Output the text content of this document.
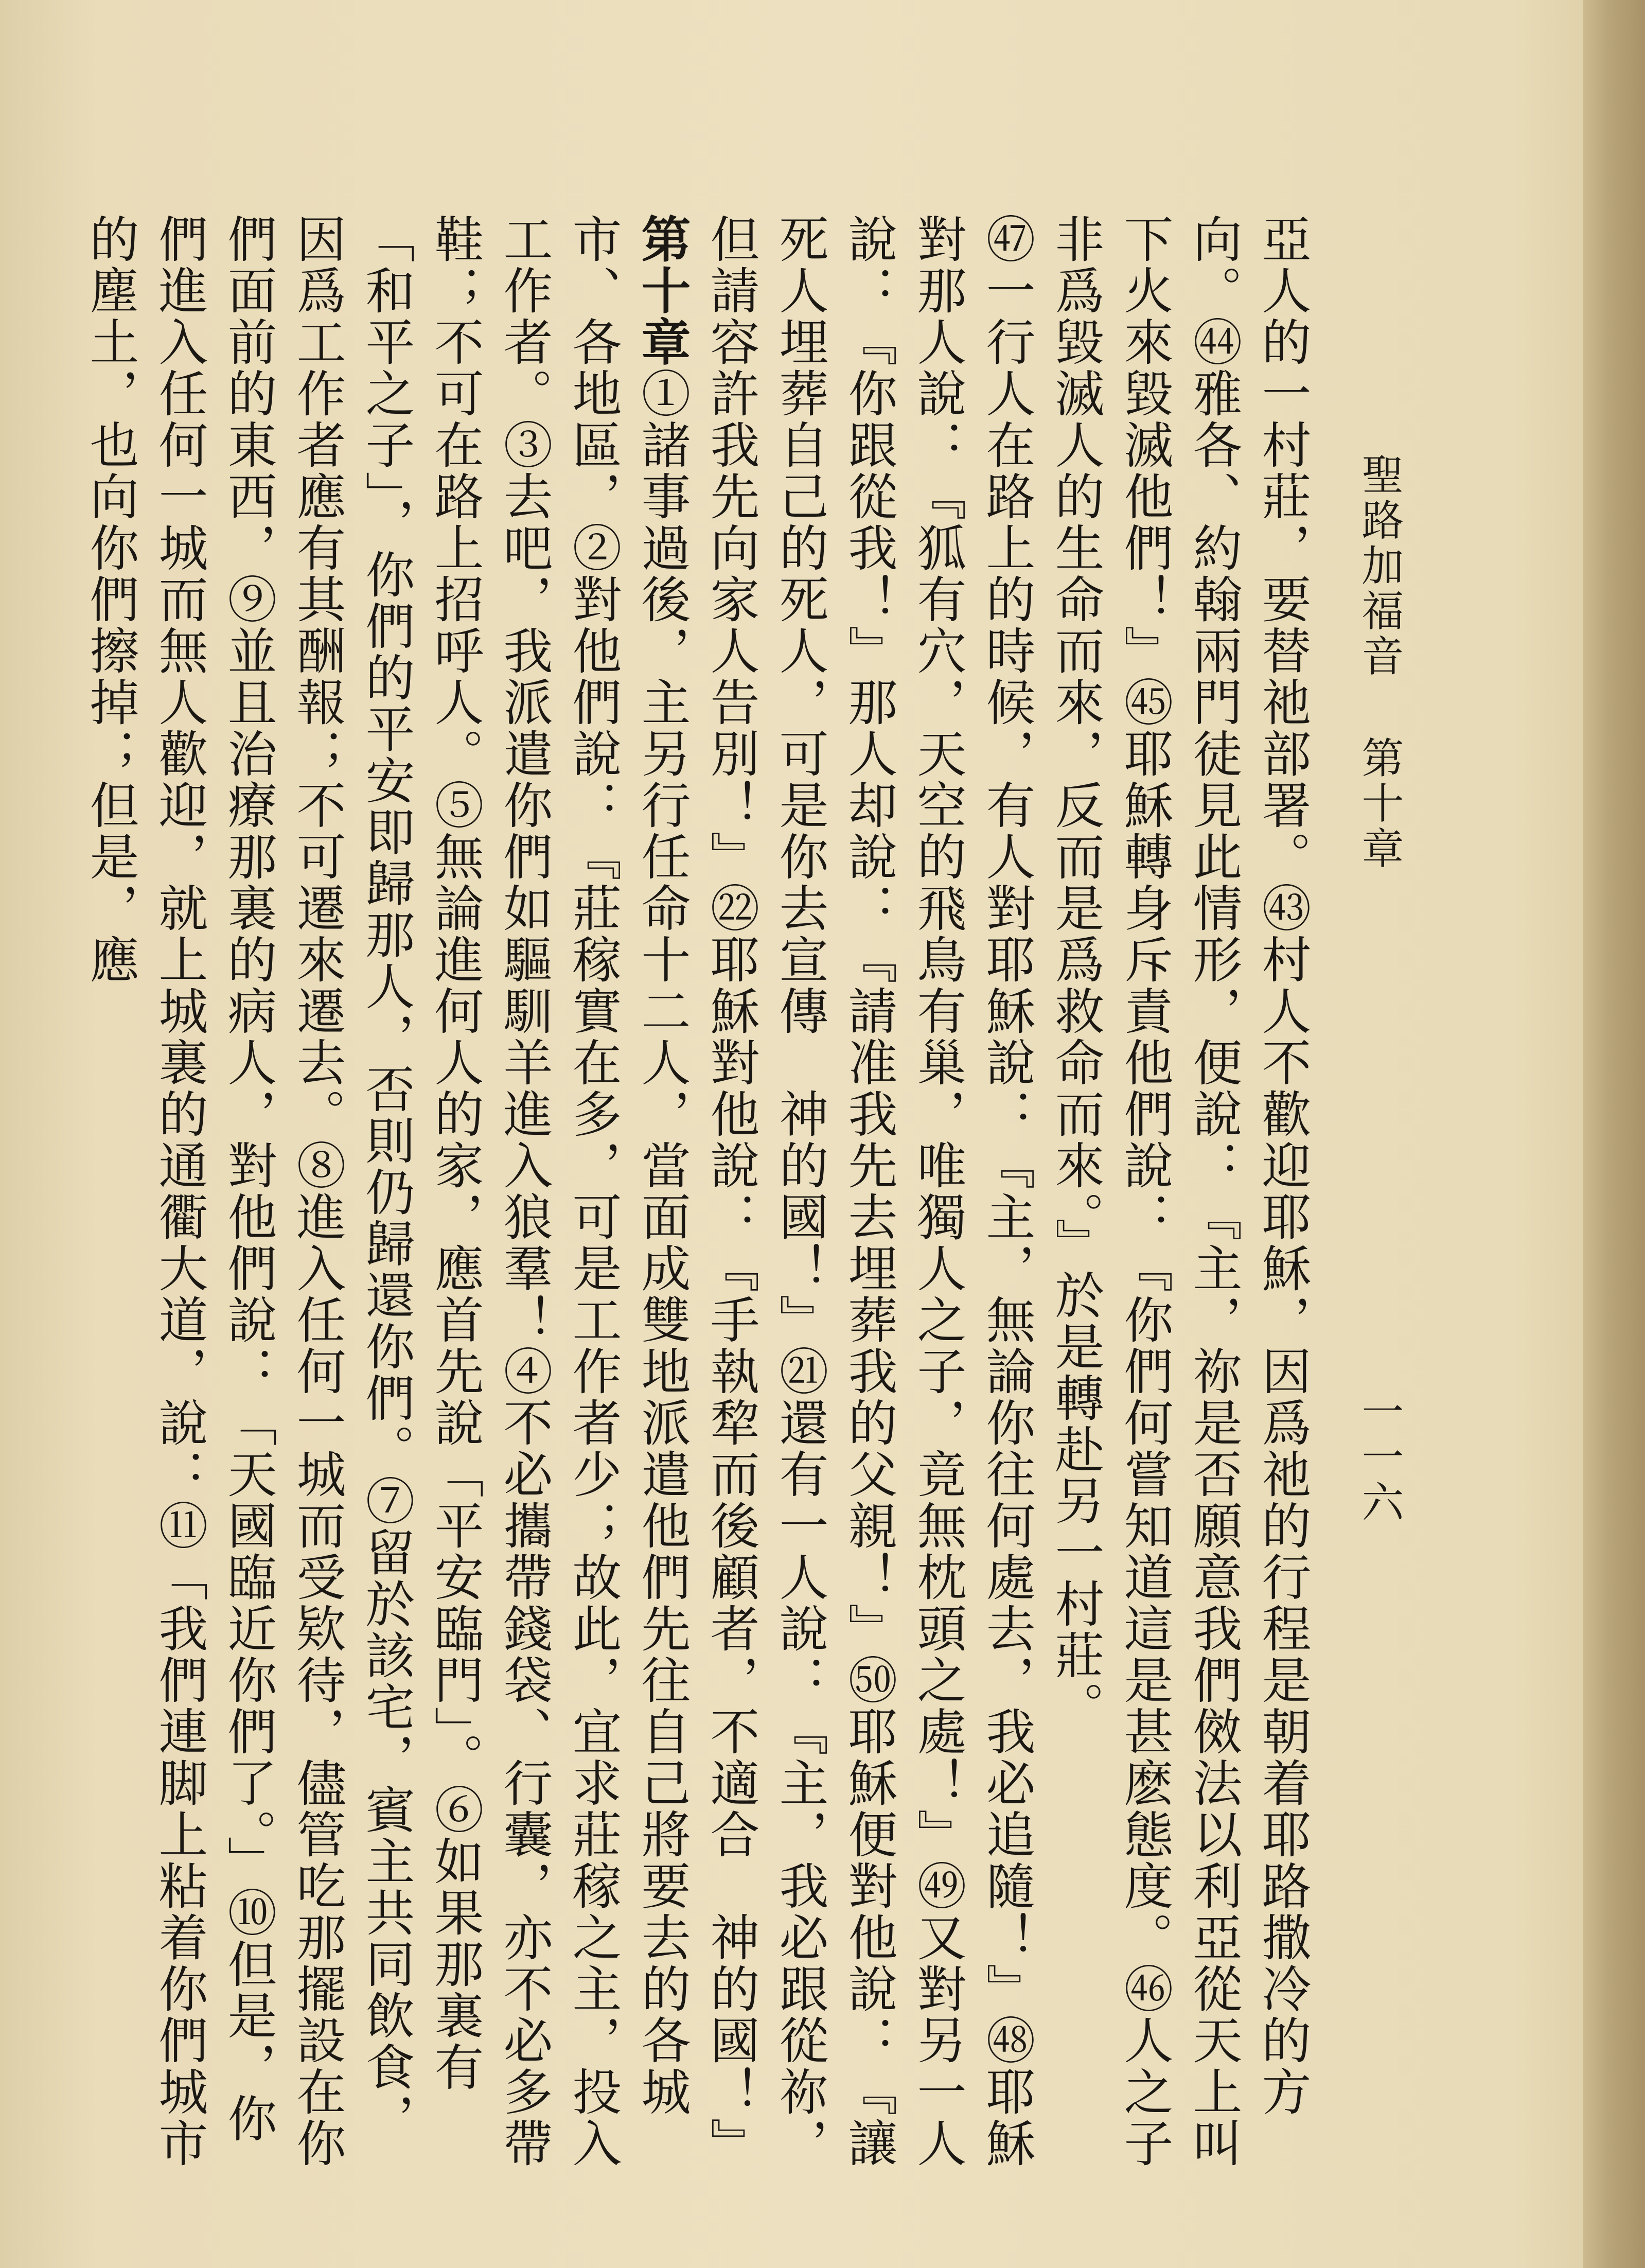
聖路加福音
第十章
一一六
亞人的一村莊，要替祂部署。㊸村人不歡迎耶穌，因爲祂的行程是朝着耶路撒冷的方向。㊹雅各、約翰兩門徒見此情形，便說：『主，祢是否願意我們傚法以利亞從天上叫下火來毀滅他們！』㊺耶穌轉身斥責他們說：『你們何嘗知道這是甚麽態度。㊻人之子非爲毀滅人的生命而來，反而是爲救命而來。』於是轉赴另一村莊。
㊼一行人在路上的時候，有人對耶穌說：『主，無論你往何處去，我必追隨！』㊽耶穌對那人說：『狐有穴，天空的飛鳥有巢，唯獨人之子，竟無枕頭之處！』㊾又對另一人說：『你跟從我！』那人却說：『請准我先去埋葬我的父親！』㊿耶穌便對他說：『讓死人埋葬自己的死人，可是你去宣傳　神的國！』㉑還有一人說：『主，我必跟從祢，但請容許我先向家人告別！』㉒耶穌對他說：『手執犂而後顧者，不適合　神的國！』
第十章①諸事過後，主另行任命十二人，當面成雙地派遣他們先往自己將要去的各城市、各地區，②對他們說：『莊稼實在多，可是工作者少；故此，宜求莊稼之主，投入工作者。③去吧，我派遣你們如驅馴羊進入狼羣！④不必攜帶錢袋、行囊，亦不必多帶鞋；不可在路上招呼人。⑤無論進何人的家，應首先說「平安臨門」。⑥如果那裏有「和平之子」，你們的平安即歸那人，否則仍歸還你們。⑦留於該宅，賓主共同飲食，因爲工作者應有其酬報；不可遷來遷去。⑧進入任何一城而受欵待，儘管吃那擺設在你們面前的東西，⑨並且治療那裏的病人，對他們說：「天國臨近你們了。」⑩但是，你們進入任何一城而無人歡迎，就上城裏的通衢大道，說：⑪「我們連脚上粘着你們城市的塵土，也向你們擦掉；但是，應
